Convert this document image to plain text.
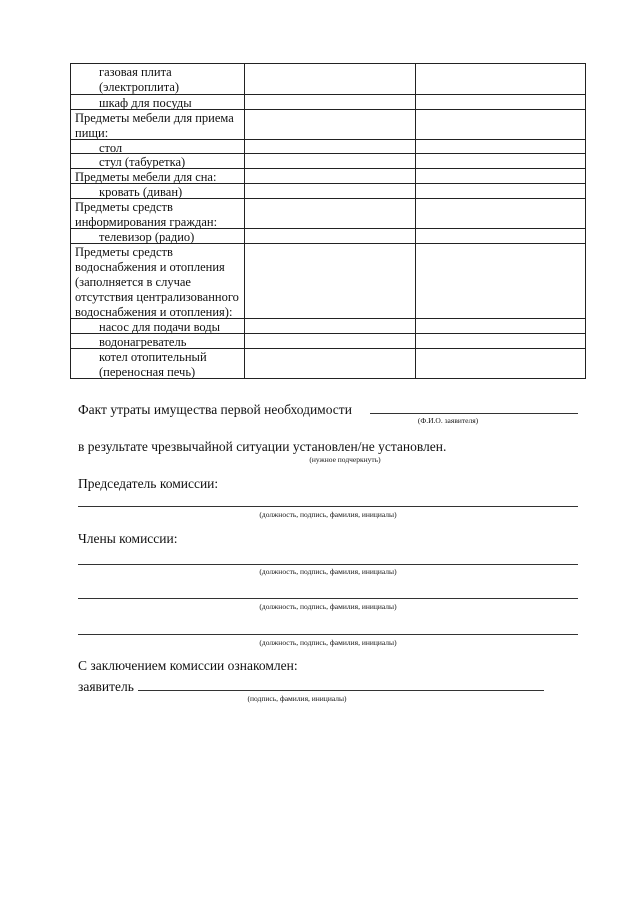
газовая плита (электроплита)
шкаф для посуды
Предметы мебели для приема пищи:
стол
стул (табуретка)
Предметы мебели для сна:
кровать (диван)
Предметы средств информирования граждан:
телевизор (радио)
Предметы средств водоснабжения и отопления (заполняется в случае отсутствия централизованного водоснабжения и отопления):
насос для подачи воды
водонагреватель
котел отопительный (переносная печь)
Факт утраты имущества первой необходимости
(Ф.И.О. заявителя)
в результате чрезвычайной ситуации установлен/не установлен.
(нужное подчеркнуть)
Председатель комиссии:
(должность, подпись, фамилия, инициалы)
Члены комиссии:
(должность, подпись, фамилия, инициалы)
(должность, подпись, фамилия, инициалы)
(должность, подпись, фамилия, инициалы)
С заключением комиссии ознакомлен:
заявитель
(подпись, фамилия, инициалы)
